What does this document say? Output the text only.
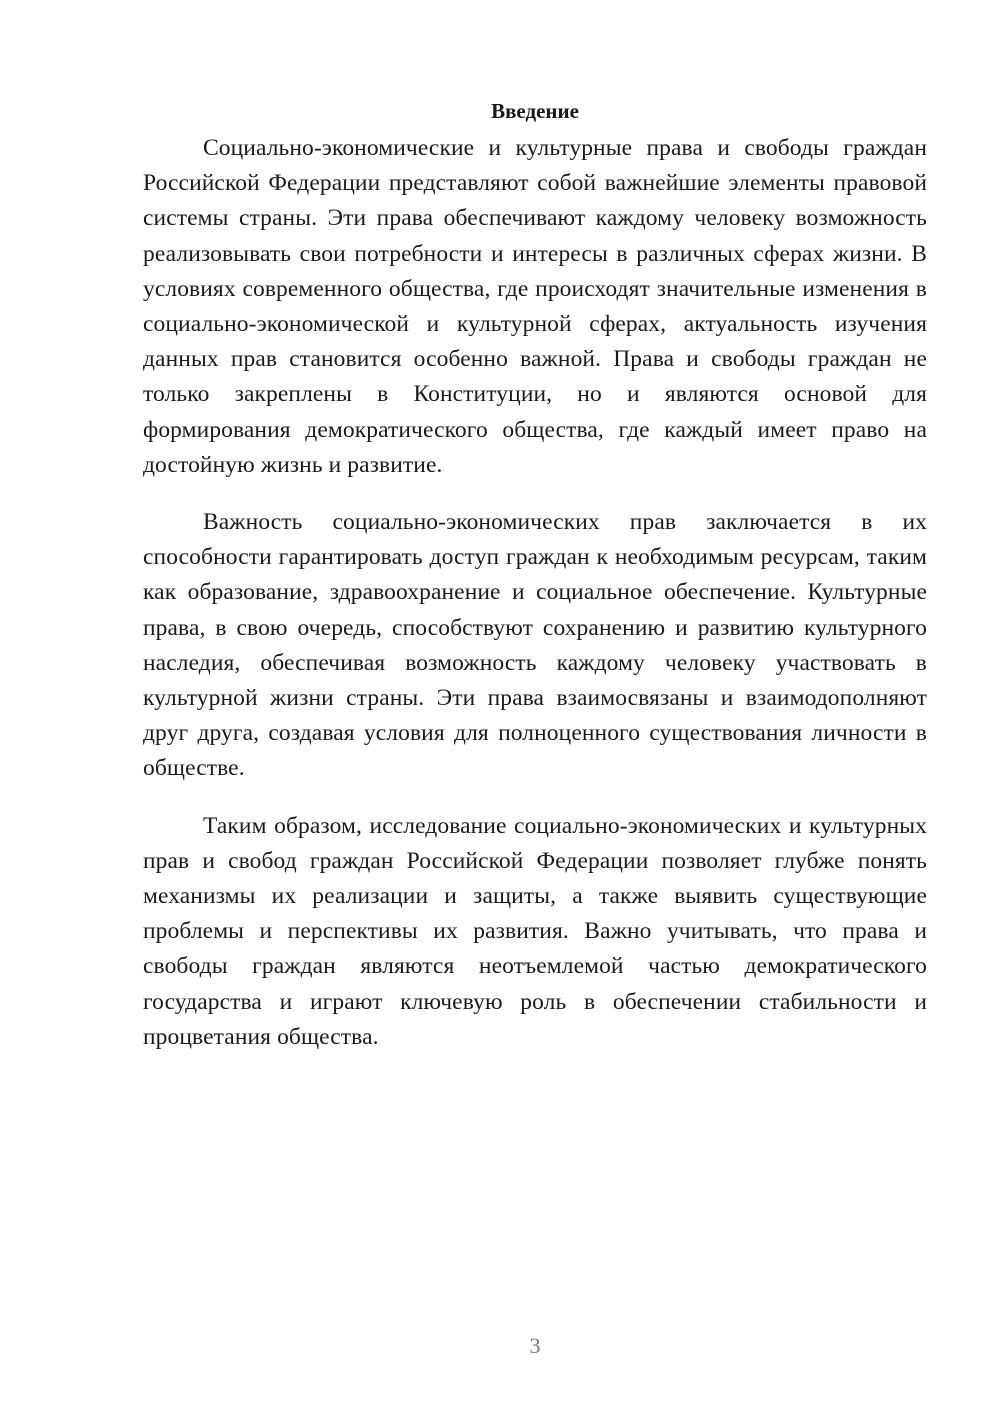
Введение

Социально-экономические и культурные права и свободы граждан Российской Федерации представляют собой важнейшие элементы правовой системы страны. Эти права обеспечивают каждому человеку возможность реализовывать свои потребности и интересы в различных сферах жизни. В условиях современного общества, где происходят значительные изменения в социально-экономической и культурной сферах, актуальность изучения данных прав становится особенно важной. Права и свободы граждан не только закреплены в Конституции, но и являются основой для формирования демократического общества, где каждый имеет право на достойную жизнь и развитие.

Важность социально-экономических прав заключается в их способности гарантировать доступ граждан к необходимым ресурсам, таким как образование, здравоохранение и социальное обеспечение. Культурные права, в свою очередь, способствуют сохранению и развитию культурного наследия, обеспечивая возможность каждому человеку участвовать в культурной жизни страны. Эти права взаимосвязаны и взаимодополняют друг друга, создавая условия для полноценного существования личности в обществе.

Таким образом, исследование социально-экономических и культурных прав и свобод граждан Российской Федерации позволяет глубже понять механизмы их реализации и защиты, а также выявить существующие проблемы и перспективы их развития. Важно учитывать, что права и свободы граждан являются неотъемлемой частью демократического государства и играют ключевую роль в обеспечении стабильности и процветания общества.

3
